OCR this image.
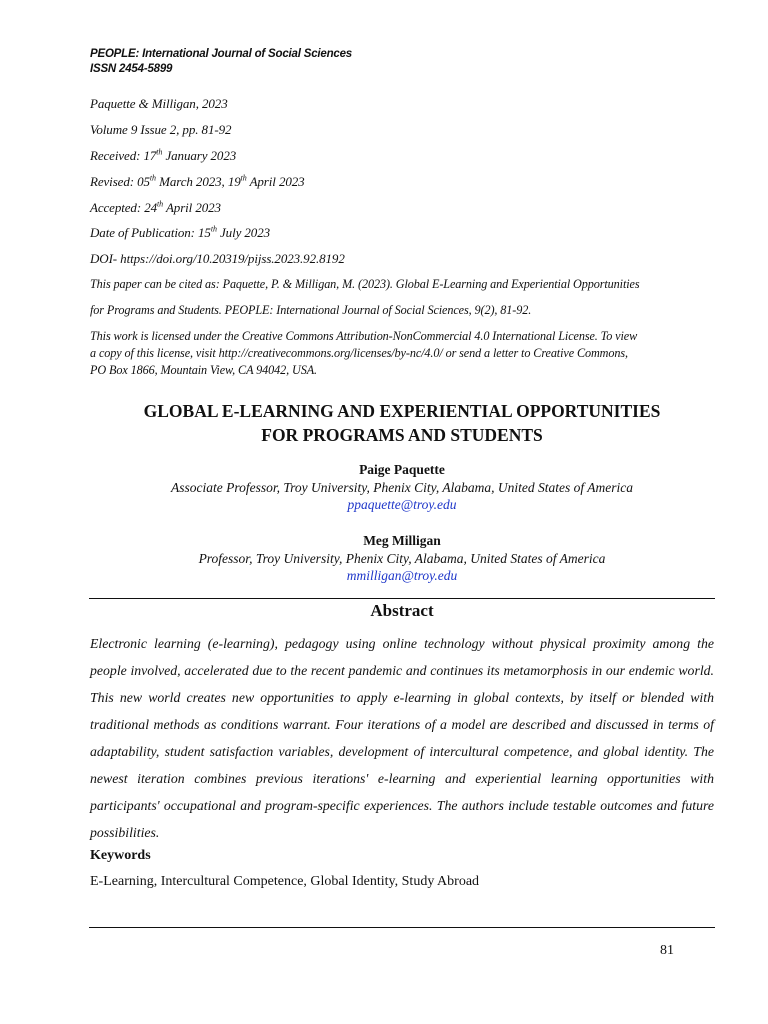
PEOPLE: International Journal of Social Sciences
ISSN 2454-5899
Paquette & Milligan, 2023
Volume 9 Issue 2, pp. 81-92
Received: 17th January 2023
Revised: 05th March 2023, 19th April 2023
Accepted: 24th April 2023
Date of Publication: 15th July 2023
DOI- https://doi.org/10.20319/pijss.2023.92.8192
This paper can be cited as: Paquette, P. & Milligan, M. (2023). Global E-Learning and Experiential Opportunities
for Programs and Students. PEOPLE: International Journal of Social Sciences, 9(2), 81-92.
This work is licensed under the Creative Commons Attribution-NonCommercial 4.0 International License. To view
a copy of this license, visit http://creativecommons.org/licenses/by-nc/4.0/ or send a letter to Creative Commons,
PO Box 1866, Mountain View, CA 94042, USA.
GLOBAL E-LEARNING AND EXPERIENTIAL OPPORTUNITIES
FOR PROGRAMS AND STUDENTS
Paige Paquette
Associate Professor, Troy University, Phenix City, Alabama, United States of America
ppaquette@troy.edu
Meg Milligan
Professor, Troy University, Phenix City, Alabama, United States of America
mmilligan@troy.edu
Abstract
Electronic learning (e-learning), pedagogy using online technology without physical proximity among the people involved, accelerated due to the recent pandemic and continues its metamorphosis in our endemic world. This new world creates new opportunities to apply e-learning in global contexts, by itself or blended with traditional methods as conditions warrant. Four iterations of a model are described and discussed in terms of adaptability, student satisfaction variables, development of intercultural competence, and global identity. The newest iteration combines previous iterations' e-learning and experiential learning opportunities with participants' occupational and program-specific experiences. The authors include testable outcomes and future possibilities.
Keywords
E-Learning, Intercultural Competence, Global Identity, Study Abroad
81
